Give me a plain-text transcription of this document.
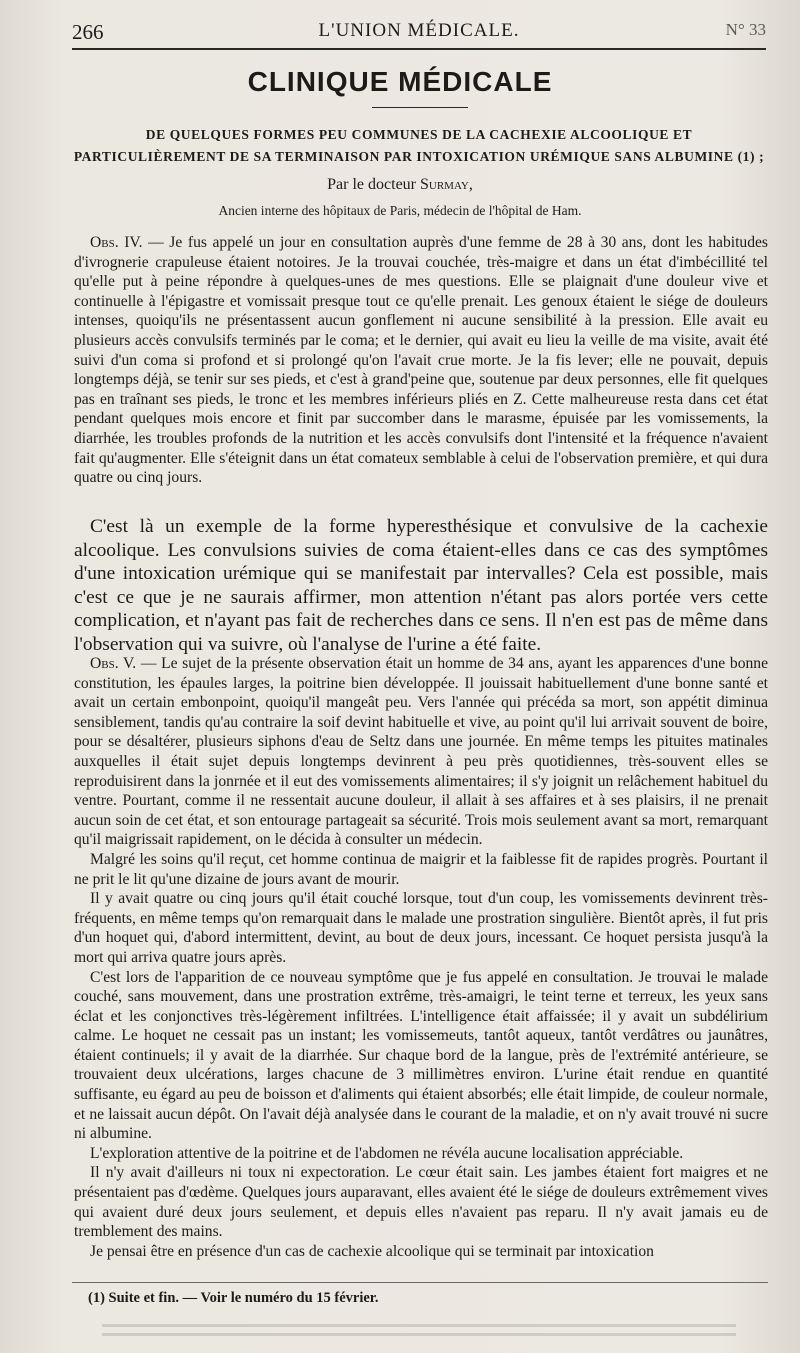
266	L'UNION MÉDICALE.	N° 33
CLINIQUE MÉDICALE
DE QUELQUES FORMES PEU COMMUNES DE LA CACHEXIE ALCOOLIQUE ET PARTICULIÈREMENT DE SA TERMINAISON PAR INTOXICATION URÉMIQUE SANS ALBUMINE (1) ;
Par le docteur Surmay,
Ancien interne des hôpitaux de Paris, médecin de l'hôpital de Ham.

Obs. IV. — Je fus appelé un jour en consultation auprès d'une femme de 28 à 30 ans, dont les habitudes d'ivrognerie crapuleuse étaient notoires. Je la trouvai couchée, très-maigre et dans un état d'imbécillité tel qu'elle put à peine répondre à quelques-unes de mes questions. Elle se plaignait d'une douleur vive et continuelle à l'épigastre et vomissait presque tout ce qu'elle prenait. Les genoux étaient le siége de douleurs intenses, quoiqu'ils ne présentassent aucun gonflement ni aucune sensibilité à la pression. Elle avait eu plusieurs accès convulsifs terminés par le coma; et le dernier, qui avait eu lieu la veille de ma visite, avait été suivi d'un coma si profond et si prolongé qu'on l'avait crue morte. Je la fis lever; elle ne pouvait, depuis longtemps déjà, se tenir sur ses pieds, et c'est à grand'peine que, soutenue par deux personnes, elle fit quelques pas en traînant ses pieds, le tronc et les membres inférieurs pliés en Z. Cette malheureuse resta dans cet état pendant quelques mois encore et finit par succomber dans le marasme, épuisée par les vomissements, la diarrhée, les troubles profonds de la nutrition et les accès convulsifs dont l'intensité et la fréquence n'avaient fait qu'augmenter. Elle s'éteignit dans un état comateux semblable à celui de l'observation première, et qui dura quatre ou cinq jours.

C'est là un exemple de la forme hyperesthésique et convulsive de la cachexie alcoolique. Les convulsions suivies de coma étaient-elles dans ce cas des symptômes d'une intoxication urémique qui se manifestait par intervalles? Cela est possible, mais c'est ce que je ne saurais affirmer, mon attention n'étant pas alors portée vers cette complication, et n'ayant pas fait de recherches dans ce sens. Il n'en est pas de même dans l'observation qui va suivre, où l'analyse de l'urine a été faite.

Obs. V. — Le sujet de la présente observation était un homme de 34 ans, ayant les apparences d'une bonne constitution, les épaules larges, la poitrine bien développée. Il jouissait habituellement d'une bonne santé et avait un certain embonpoint, quoiqu'il mangeât peu. Vers l'année qui précéda sa mort, son appétit diminua sensiblement, tandis qu'au contraire la soif devint habituelle et vive, au point qu'il lui arrivait souvent de boire, pour se désaltérer, plusieurs siphons d'eau de Seltz dans une journée. En même temps les pituites matinales auxquelles il était sujet depuis longtemps devinrent à peu près quotidiennes, très-souvent elles se reproduisirent dans la jonrnée et il eut des vomissements alimentaires; il s'y joignit un relâchement habituel du ventre. Pourtant, comme il ne ressentait aucune douleur, il allait à ses affaires et à ses plaisirs, il ne prenait aucun soin de cet état, et son entourage partageait sa sécurité. Trois mois seulement avant sa mort, remarquant qu'il maigrissait rapidement, on le décida à consulter un médecin.

Malgré les soins qu'il reçut, cet homme continua de maigrir et la faiblesse fit de rapides progrès. Pourtant il ne prit le lit qu'une dizaine de jours avant de mourir.

Il y avait quatre ou cinq jours qu'il était couché lorsque, tout d'un coup, les vomissements devinrent très-fréquents, en même temps qu'on remarquait dans le malade une prostration singulière. Bientôt après, il fut pris d'un hoquet qui, d'abord intermittent, devint, au bout de deux jours, incessant. Ce hoquet persista jusqu'à la mort qui arriva quatre jours après.

C'est lors de l'apparition de ce nouveau symptôme que je fus appelé en consultation. Je trouvai le malade couché, sans mouvement, dans une prostration extrême, très-amaigri, le teint terne et terreux, les yeux sans éclat et les conjonctives très-légèrement infiltrées. L'intelligence était affaissée; il y avait un subdélirium calme. Le hoquet ne cessait pas un instant; les vomissemeuts, tantôt aqueux, tantôt verdâtres ou jaunâtres, étaient continuels; il y avait de la diarrhée. Sur chaque bord de la langue, près de l'extrémité antérieure, se trouvaient deux ulcérations, larges chacune de 3 millimètres environ. L'urine était rendue en quantité suffisante, eu égard au peu de boisson et d'aliments qui étaient absorbés; elle était limpide, de couleur normale, et ne laissait aucun dépôt. On l'avait déjà analysée dans le courant de la maladie, et on n'y avait trouvé ni sucre ni albumine.

L'exploration attentive de la poitrine et de l'abdomen ne révéla aucune localisation appréciable.

Il n'y avait d'ailleurs ni toux ni expectoration. Le cœur était sain. Les jambes étaient fort maigres et ne présentaient pas d'œdème. Quelques jours auparavant, elles avaient été le siége de douleurs extrêmement vives qui avaient duré deux jours seulement, et depuis elles n'avaient pas reparu. Il n'y avait jamais eu de tremblement des mains.

Je pensai être en présence d'un cas de cachexie alcoolique qui se terminait par intoxication

(1) Suite et fin. — Voir le numéro du 15 février.
